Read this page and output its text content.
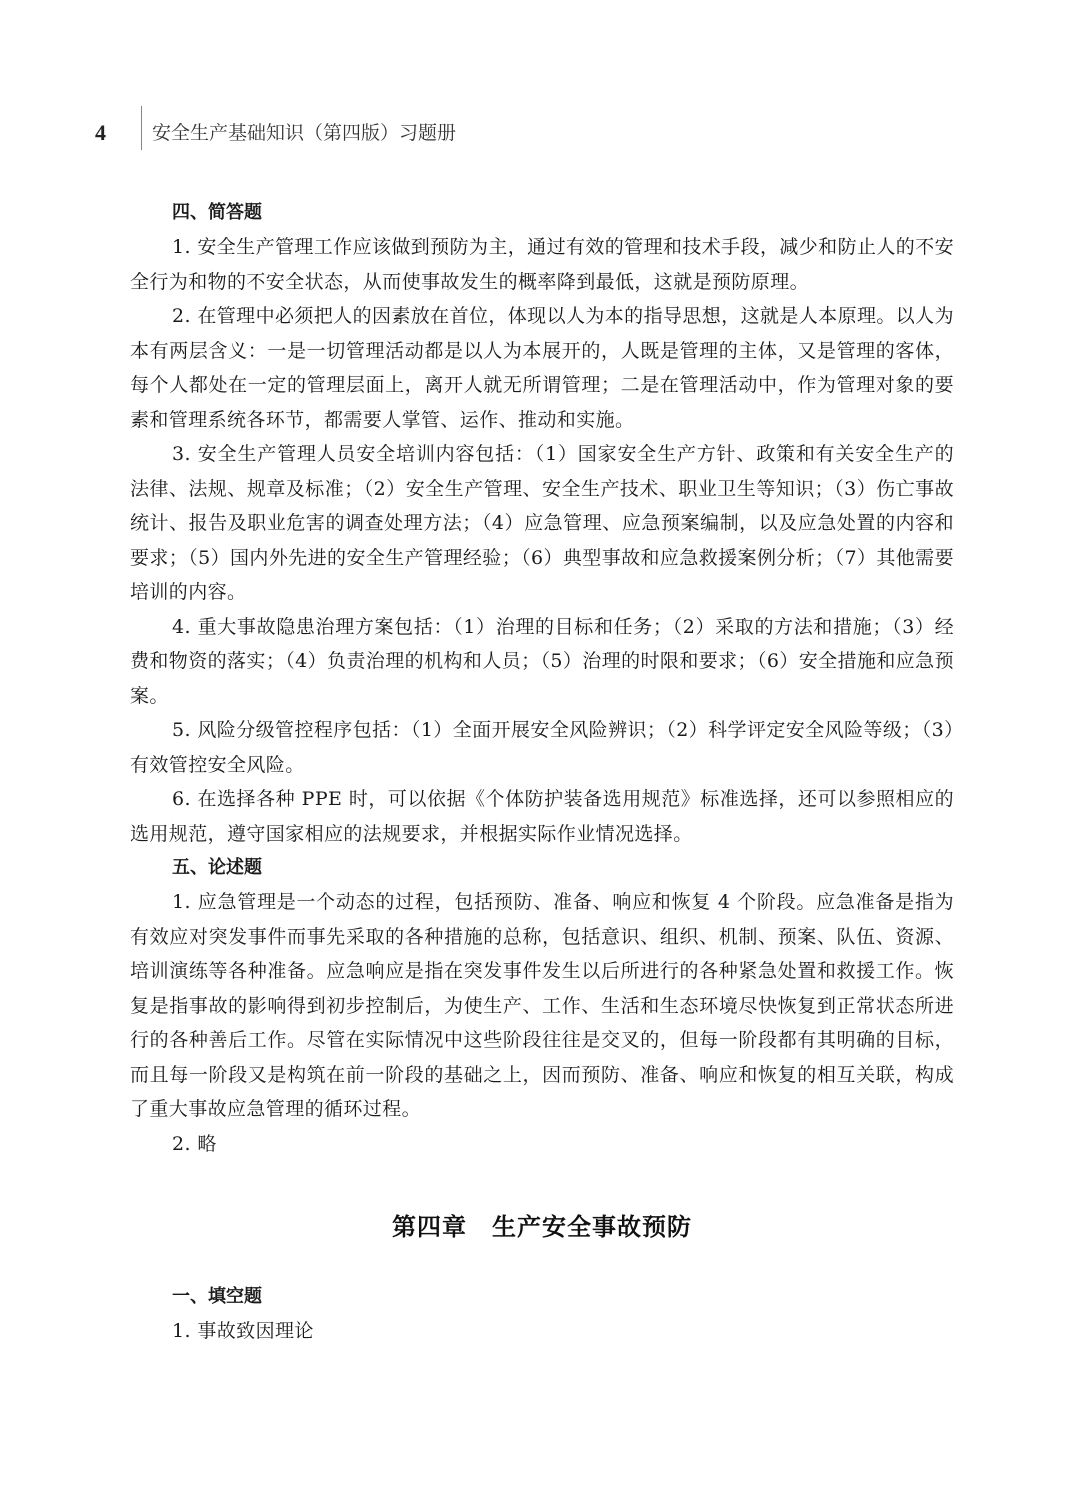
4 安全生产基础知识（第四版）习题册

四、简答题

1. 安全生产管理工作应该做到预防为主，通过有效的管理和技术手段，减少和防止人的不安全行为和物的不安全状态，从而使事故发生的概率降到最低，这就是预防原理。

2. 在管理中必须把人的因素放在首位，体现以人为本的指导思想，这就是人本原理。以人为本有两层含义：一是一切管理活动都是以人为本展开的，人既是管理的主体，又是管理的客体，每个人都处在一定的管理层面上，离开人就无所谓管理；二是在管理活动中，作为管理对象的要素和管理系统各环节，都需要人掌管、运作、推动和实施。

3. 安全生产管理人员安全培训内容包括：（1）国家安全生产方针、政策和有关安全生产的法律、法规、规章及标准；（2）安全生产管理、安全生产技术、职业卫生等知识；（3）伤亡事故统计、报告及职业危害的调查处理方法；（4）应急管理、应急预案编制，以及应急处置的内容和要求；（5）国内外先进的安全生产管理经验；（6）典型事故和应急救援案例分析；（7）其他需要培训的内容。

4. 重大事故隐患治理方案包括：（1）治理的目标和任务；（2）采取的方法和措施；（3）经费和物资的落实；（4）负责治理的机构和人员；（5）治理的时限和要求；（6）安全措施和应急预案。

5. 风险分级管控程序包括：（1）全面开展安全风险辨识；（2）科学评定安全风险等级；（3）有效管控安全风险。

6. 在选择各种 PPE 时，可以依据《个体防护装备选用规范》标准选择，还可以参照相应的选用规范，遵守国家相应的法规要求，并根据实际作业情况选择。

五、论述题

1. 应急管理是一个动态的过程，包括预防、准备、响应和恢复 4 个阶段。应急准备是指为有效应对突发事件而事先采取的各种措施的总称，包括意识、组织、机制、预案、队伍、资源、培训演练等各种准备。应急响应是指在突发事件发生以后所进行的各种紧急处置和救援工作。恢复是指事故的影响得到初步控制后，为使生产、工作、生活和生态环境尽快恢复到正常状态所进行的各种善后工作。尽管在实际情况中这些阶段往往是交叉的，但每一阶段都有其明确的目标，而且每一阶段又是构筑在前一阶段的基础之上，因而预防、准备、响应和恢复的相互关联，构成了重大事故应急管理的循环过程。

2. 略

第四章　生产安全事故预防

一、填空题

1. 事故致因理论
